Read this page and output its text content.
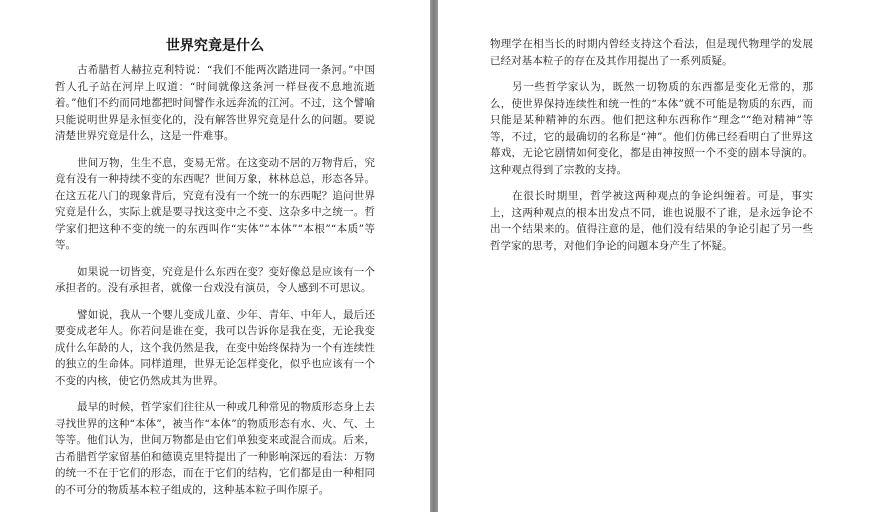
世界究竟是什么

古希腊哲人赫拉克利特说：“我们不能两次踏进同一条河。”中国哲人孔子站在河岸上叹道：“时间就像这条河一样昼夜不息地流逝着。”他们不约而同地都把时间譬作永远奔流的江河。不过，这个譬喻只能说明世界是永恒变化的，没有解答世界究竟是什么的问题。要说清楚世界究竟是什么，这是一件难事。

世间万物，生生不息，变易无常。在这变动不居的万物背后，究竟有没有一种持续不变的东西呢？世间万象，林林总总，形态各异。在这五花八门的现象背后，究竟有没有一个统一的东西呢？追问世界究竟是什么，实际上就是要寻找这变中之不变、这杂多中之统一。哲学家们把这种不变的统一的东西叫作“实体”“本体”“本根”“本质”等等。

如果说一切皆变，究竟是什么东西在变？变好像总是应该有一个承担者的。没有承担者，就像一台戏没有演员，令人感到不可思议。

譬如说，我从一个婴儿变成儿童、少年、青年、中年人，最后还要变成老年人。你若问是谁在变，我可以告诉你是我在变，无论我变成什么年龄的人，这个我仍然是我，在变中始终保持为一个有连续性的独立的生命体。同样道理，世界无论怎样变化，似乎也应该有一个不变的内核，使它仍然成其为世界。

最早的时候，哲学家们往往从一种或几种常见的物质形态身上去寻找世界的这种“本体”，被当作“本体”的物质形态有水、火、气、土等等。他们认为，世间万物都是由它们单独变来或混合而成。后来，古希腊哲学家留基伯和德谟克里特提出了一种影响深远的看法：万物的统一不在于它们的形态，而在于它们的结构，它们都是由一种相同的不可分的物质基本粒子组成的，这种基本粒子叫作原子。

物理学在相当长的时期内曾经支持这个看法，但是现代物理学的发展已经对基本粒子的存在及其作用提出了一系列质疑。

另一些哲学家认为，既然一切物质的东西都是变化无常的，那么，使世界保持连续性和统一性的“本体”就不可能是物质的东西，而只能是某种精神的东西。他们把这种东西称作“理念”“绝对精神”等等，不过，它的最确切的名称是“神”。他们仿佛已经看明白了世界这幕戏，无论它剧情如何变化，都是由神按照一个不变的剧本导演的。这种观点得到了宗教的支持。

在很长时期里，哲学被这两种观点的争论纠缠着。可是，事实上，这两种观点的根本出发点不同，谁也说服不了谁，是永远争论不出一个结果来的。值得注意的是，他们没有结果的争论引起了另一些哲学家的思考，对他们争论的问题本身产生了怀疑。
